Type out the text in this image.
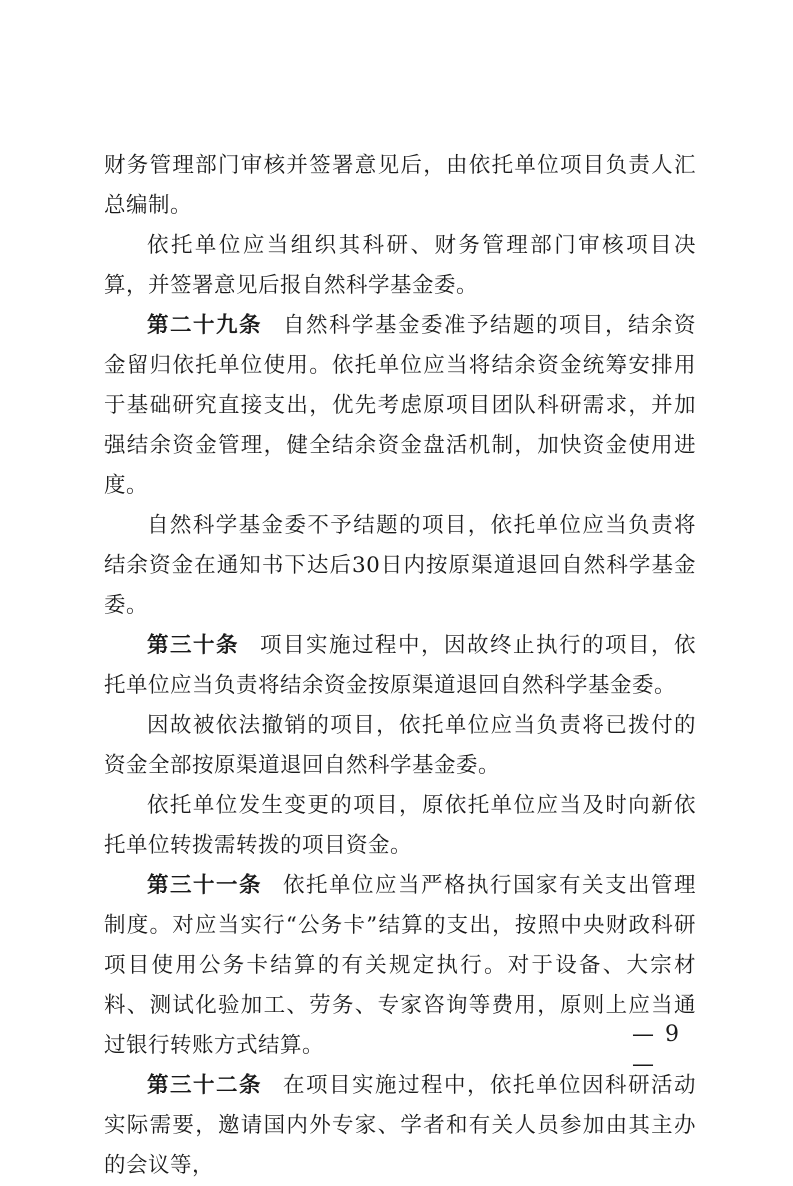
财务管理部门审核并签署意见后，由依托单位项目负责人汇总编制。

依托单位应当组织其科研、财务管理部门审核项目决算，并签署意见后报自然科学基金委。

第二十九条 自然科学基金委准予结题的项目，结余资金留归依托单位使用。依托单位应当将结余资金统筹安排用于基础研究直接支出，优先考虑原项目团队科研需求，并加强结余资金管理，健全结余资金盘活机制，加快资金使用进度。

自然科学基金委不予结题的项目，依托单位应当负责将结余资金在通知书下达后30日内按原渠道退回自然科学基金委。

第三十条 项目实施过程中，因故终止执行的项目，依托单位应当负责将结余资金按原渠道退回自然科学基金委。

因故被依法撤销的项目，依托单位应当负责将已拨付的资金全部按原渠道退回自然科学基金委。

依托单位发生变更的项目，原依托单位应当及时向新依托单位转拨需转拨的项目资金。

第三十一条 依托单位应当严格执行国家有关支出管理制度。对应当实行“公务卡”结算的支出，按照中央财政科研项目使用公务卡结算的有关规定执行。对于设备、大宗材料、测试化验加工、劳务、专家咨询等费用，原则上应当通过银行转账方式结算。

第三十二条 在项目实施过程中，依托单位因科研活动实际需要，邀请国内外专家、学者和有关人员参加由其主办的会议等，

— 9 —
